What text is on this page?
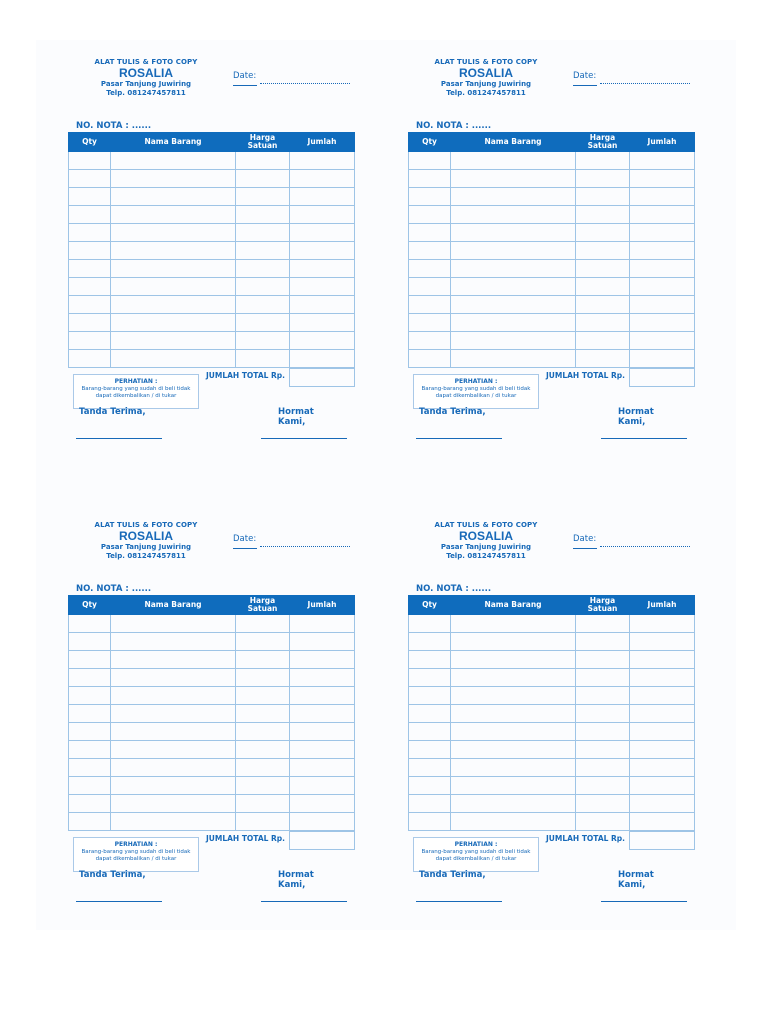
ALAT TULIS & FOTO COPY
ROSALIA
Pasar Tanjung Juwiring
Telp. 081247457811
Date:
NO. NOTA : ......
Qty	Nama Barang	Harga Satuan	Jumlah

JUMLAH TOTAL Rp.
PERHATIAN :
Barang-barang yang sudah di beli tidak dapat dikembalikan / di tukar
Tanda Terima,	Hormat Kami,
ALAT TULIS & FOTO COPY
ROSALIA
Pasar Tanjung Juwiring
Telp. 081247457811
Date:
NO. NOTA : ......
Qty	Nama Barang	Harga Satuan	Jumlah

JUMLAH TOTAL Rp.
PERHATIAN :
Barang-barang yang sudah di beli tidak dapat dikembalikan / di tukar
Tanda Terima,	Hormat Kami,
ALAT TULIS & FOTO COPY
ROSALIA
Pasar Tanjung Juwiring
Telp. 081247457811
Date:
NO. NOTA : ......
Qty	Nama Barang	Harga Satuan	Jumlah

JUMLAH TOTAL Rp.
PERHATIAN :
Barang-barang yang sudah di beli tidak dapat dikembalikan / di tukar
Tanda Terima,	Hormat Kami,
ALAT TULIS & FOTO COPY
ROSALIA
Pasar Tanjung Juwiring
Telp. 081247457811
Date:
NO. NOTA : ......
Qty	Nama Barang	Harga Satuan	Jumlah

JUMLAH TOTAL Rp.
PERHATIAN :
Barang-barang yang sudah di beli tidak dapat dikembalikan / di tukar
Tanda Terima,	Hormat Kami,
